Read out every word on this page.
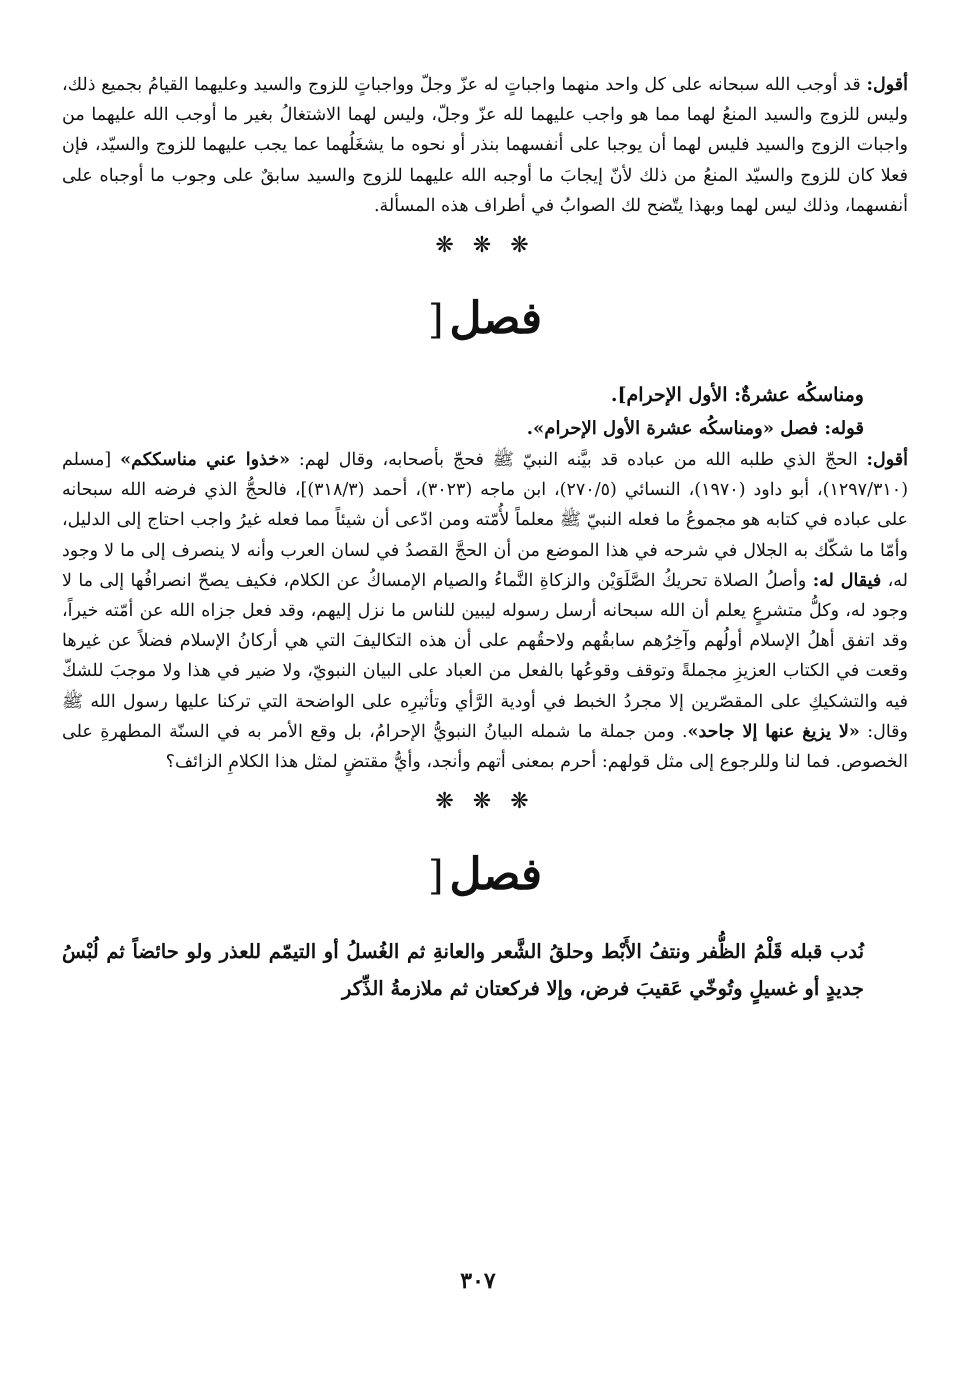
أقول: قد أوجب الله سبحانه على كل واحد منهما واجباتٍ له عزّ وجلّ وواجباتٍ للزوج والسيد وعليهما القيامُ بجميع ذلك، وليس للزوج والسيد المنعُ لهما مما هو واجب عليهما لله عزّ وجلّ، وليس لهما الاشتغالُ بغير ما أوجب الله عليهما من واجبات الزوج والسيد فليس لهما أن يوجبا على أنفسهما بنذر أو نحوه ما يشغَلُهما عما يجب عليهما للزوج والسيّد، فإن فعلا كان للزوج والسيّد المنعُ من ذلك لأنّ إيجابَ ما أوجبه الله عليهما للزوج والسيد سابقٌ على وجوب ما أوجباه على أنفسهما، وذلك ليس لهما وبهذا يتّضح لك الصوابُ في أطراف هذه المسألة.

❋ ❋ ❋
فصل[

ومناسكُه عشرةٌ: الأول الإحرام].

قوله: فصل «ومناسكُه عشرة الأول الإحرام».

أقول: الحجّ الذي طلبه الله من عباده قد بيَّنه النبيّ ﷺ فحجّ بأصحابه، وقال لهم: «خذوا عني مناسككم» [مسلم (١٢٩٧/٣١٠)، أبو داود (١٩٧٠)، النسائي (٢٧٠/٥)، ابن ماجه (٣٠٢٣)، أحمد (٣١٨/٣)]، فالحجُّ الذي فرضه الله سبحانه على عباده في كتابه هو مجموعُ ما فعله النبيّ ﷺ معلماً لأُمّته ومن ادّعى أن شيئاً مما فعله غيرُ واجب احتاج إلى الدليل، وأمّا ما شكّك به الجلال في شرحه في هذا الموضع من أن الحجَّ القصدُ في لسان العرب وأنه لا ينصرف إلى ما لا وجود له، فيقال له: وأصلُ الصلاة تحريكُ الصَّلَوَيْن والزكاةِ النَّماءُ والصيام الإمساكُ عن الكلام، فكيف يصحّ انصرافُها إلى ما لا وجود له، وكلُّ متشرعٍ يعلم أن الله سبحانه أرسل رسوله ليبين للناس ما نزل إليهم، وقد فعل جزاه الله عن أمّته خيراً، وقد اتفق أهلُ الإسلام أولُهم وآخِرُهم سابقُهم ولاحقُهم على أن هذه التكاليفَ التي هي أركانُ الإسلام فضلاً عن غيرها وقعت في الكتاب العزيزِ مجملةً وتوقف وقوعُها بالفعل من العباد على البيان النبويّ، ولا ضير في هذا ولا موجبَ للشكّ فيه والتشكيكِ على المقصّرين إلا مجردُ الخبط في أودية الرَّأي وتأثيرِه على الواضحة التي تركنا عليها رسول الله ﷺ وقال: «لا يزيغ عنها إلا جاحد». ومن جملة ما شمله البيانُ النبويُّ الإحرامُ، بل وقع الأمر به في السنّة المطهرةِ على الخصوص. فما لنا وللرجوع إلى مثل قولهم: أحرم بمعنى أتهم وأنجد، وأيُّ مقتضٍ لمثل هذا الكلامِ الزائف؟

❋ ❋ ❋
فصل[

نُدب قبله قَلْمُ الظُّفر ونتفُ الأَبْط وحلقُ الشَّعر والعانةِ ثم الغُسلُ أو التيمّم للعذر ولو حائضاً ثم لُبْسُ جديدٍ أو غسيلٍ وتُوخّي عَقيبَ فرض، وإلا فركعتان ثم ملازمةُ الذِّكر

٣٠٧
